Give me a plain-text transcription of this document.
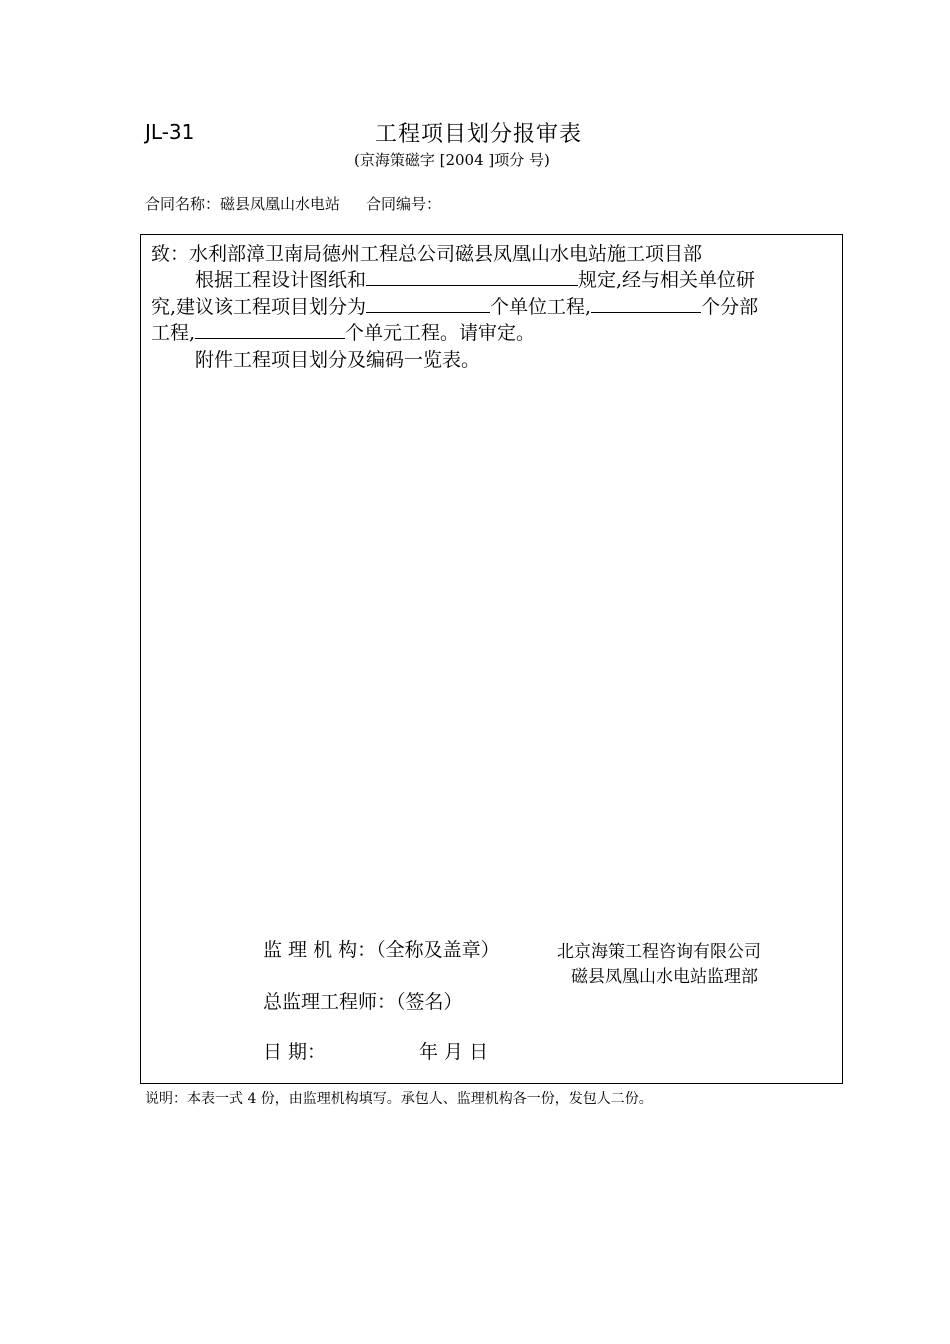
JL-31	工程项目划分报审表
(京海策磁字 [2004 ]项分 号)
合同名称：磁县凤凰山水电站 合同编号：
致：水利部漳卫南局德州工程总公司磁县凤凰山水电站施工项目部
根据工程设计图纸和	规定,经与相关单位研
究,建议该工程项目划分为	个单位工程,	个分部
工程,	个单元工程。请审定。
附件工程项目划分及编码一览表。
监 理 机 构：（全称及盖章）	北京海策工程咨询有限公司
磁县凤凰山水电站监理部
总监理工程师：（签名）
日 期：	年 月 日
说明：本表一式 4 份，由监理机构填写。承包人、监理机构各一份，发包人二份。
